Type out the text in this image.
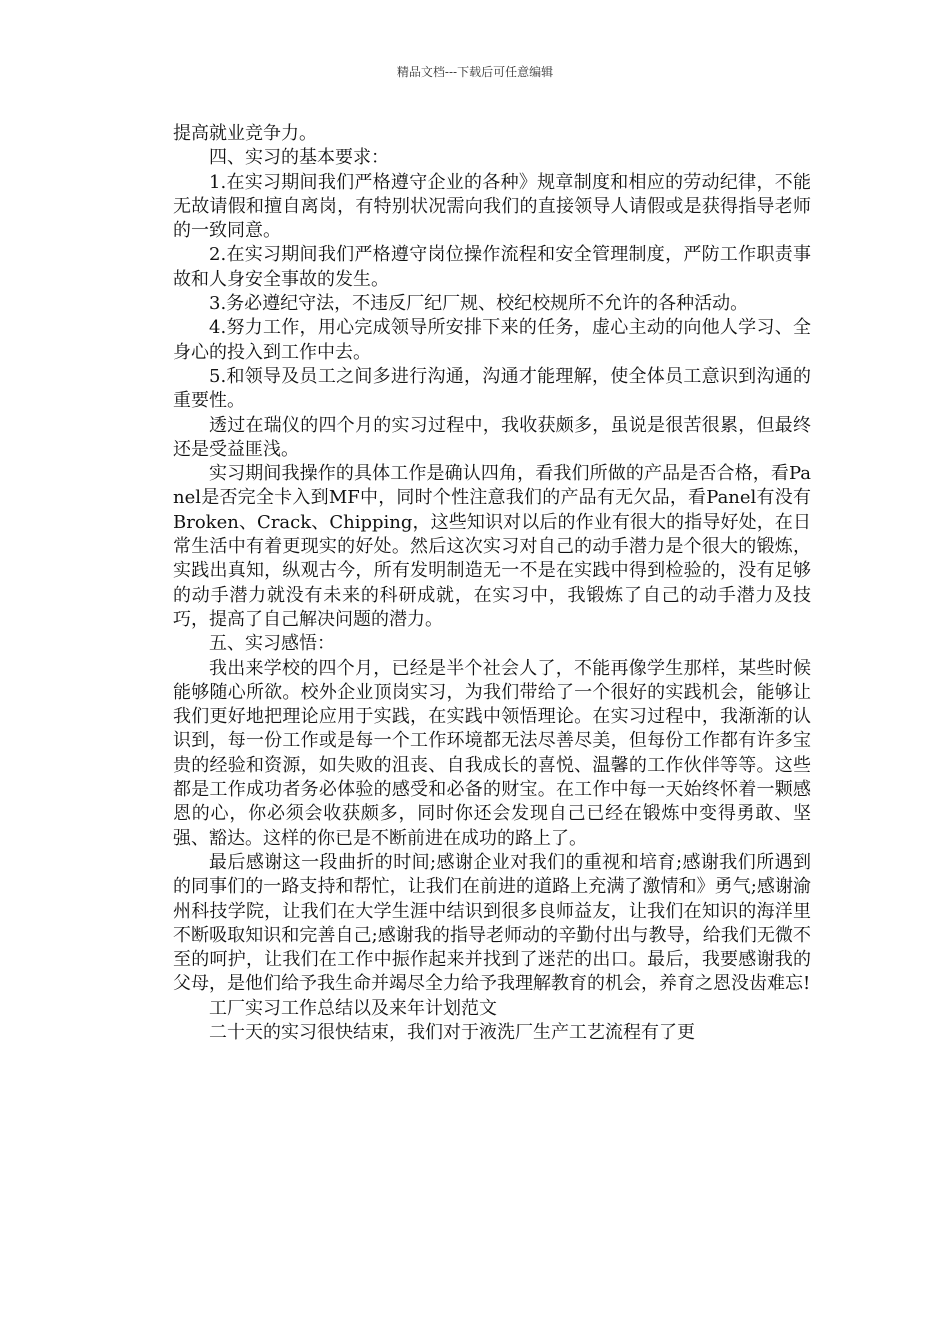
精品文档---下载后可任意编辑

提高就业竞争力。

四、实习的基本要求：

1.在实习期间我们严格遵守企业的各种》规章制度和相应的劳动纪律，不能无故请假和擅自离岗，有特别状况需向我们的直接领导人请假或是获得指导老师的一致同意。

2.在实习期间我们严格遵守岗位操作流程和安全管理制度，严防工作职责事故和人身安全事故的发生。

3.务必遵纪守法，不违反厂纪厂规、校纪校规所不允许的各种活动。

4.努力工作，用心完成领导所安排下来的任务，虚心主动的向他人学习、全身心的投入到工作中去。

5.和领导及员工之间多进行沟通，沟通才能理解，使全体员工意识到沟通的重要性。

透过在瑞仪的四个月的实习过程中，我收获颇多，虽说是很苦很累，但最终还是受益匪浅。

实习期间我操作的具体工作是确认四角，看我们所做的产品是否合格，看Panel是否完全卡入到MF中，同时个性注意我们的产品有无欠品，看Panel有没有Broken、Crack、Chipping，这些知识对以后的作业有很大的指导好处，在日常生活中有着更现实的好处。然后这次实习对自己的动手潜力是个很大的锻炼，实践出真知，纵观古今，所有发明制造无一不是在实践中得到检验的，没有足够的动手潜力就没有未来的科研成就，在实习中，我锻炼了自己的动手潜力及技巧，提高了自己解决问题的潜力。

五、实习感悟：

我出来学校的四个月，已经是半个社会人了，不能再像学生那样，某些时候能够随心所欲。校外企业顶岗实习，为我们带给了一个很好的实践机会，能够让我们更好地把理论应用于实践，在实践中领悟理论。在实习过程中，我渐渐的认识到，每一份工作或是每一个工作环境都无法尽善尽美，但每份工作都有许多宝贵的经验和资源，如失败的沮丧、自我成长的喜悦、温馨的工作伙伴等等。这些都是工作成功者务必体验的感受和必备的财宝。在工作中每一天始终怀着一颗感恩的心，你必须会收获颇多，同时你还会发现自己已经在锻炼中变得勇敢、坚强、豁达。这样的你已是不断前进在成功的路上了。

最后感谢这一段曲折的时间;感谢企业对我们的重视和培育;感谢我们所遇到的同事们的一路支持和帮忙，让我们在前进的道路上充满了激情和》勇气;感谢渝州科技学院，让我们在大学生涯中结识到很多良师益友，让我们在知识的海洋里不断吸取知识和完善自己;感谢我的指导老师动的辛勤付出与教导，给我们无微不至的呵护，让我们在工作中振作起来并找到了迷茫的出口。最后，我要感谢我的父母，是他们给予我生命并竭尽全力给予我理解教育的机会，养育之恩没齿难忘!

工厂实习工作总结以及来年计划范文

二十天的实习很快结束，我们对于液洗厂生产工艺流程有了更
